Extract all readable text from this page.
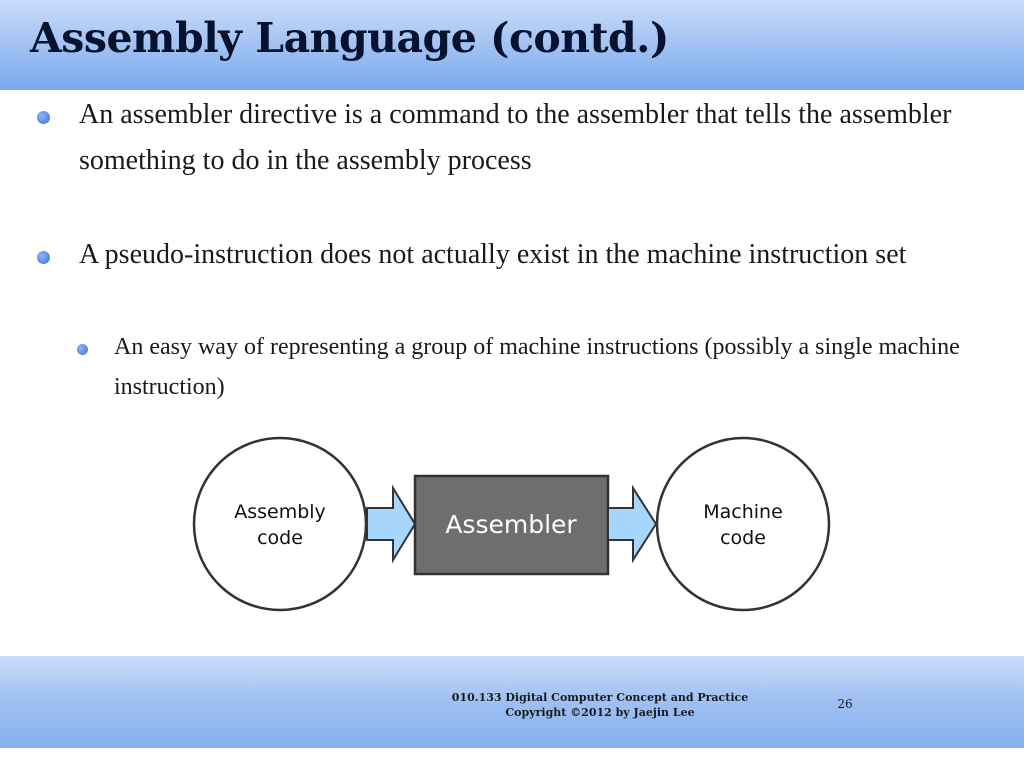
Assembly Language (contd.)

An assembler directive is a command to the assembler that tells the assembler something to do in the assembly process

A pseudo-instruction does not actually exist in the machine instruction set

An easy way of representing a group of machine instructions (possibly a single machine instruction)

Assembly
code	Assembler	Machine
code
010.133 Digital Computer Concept and Practice
Copyright ©2012 by Jaejin Lee
26
